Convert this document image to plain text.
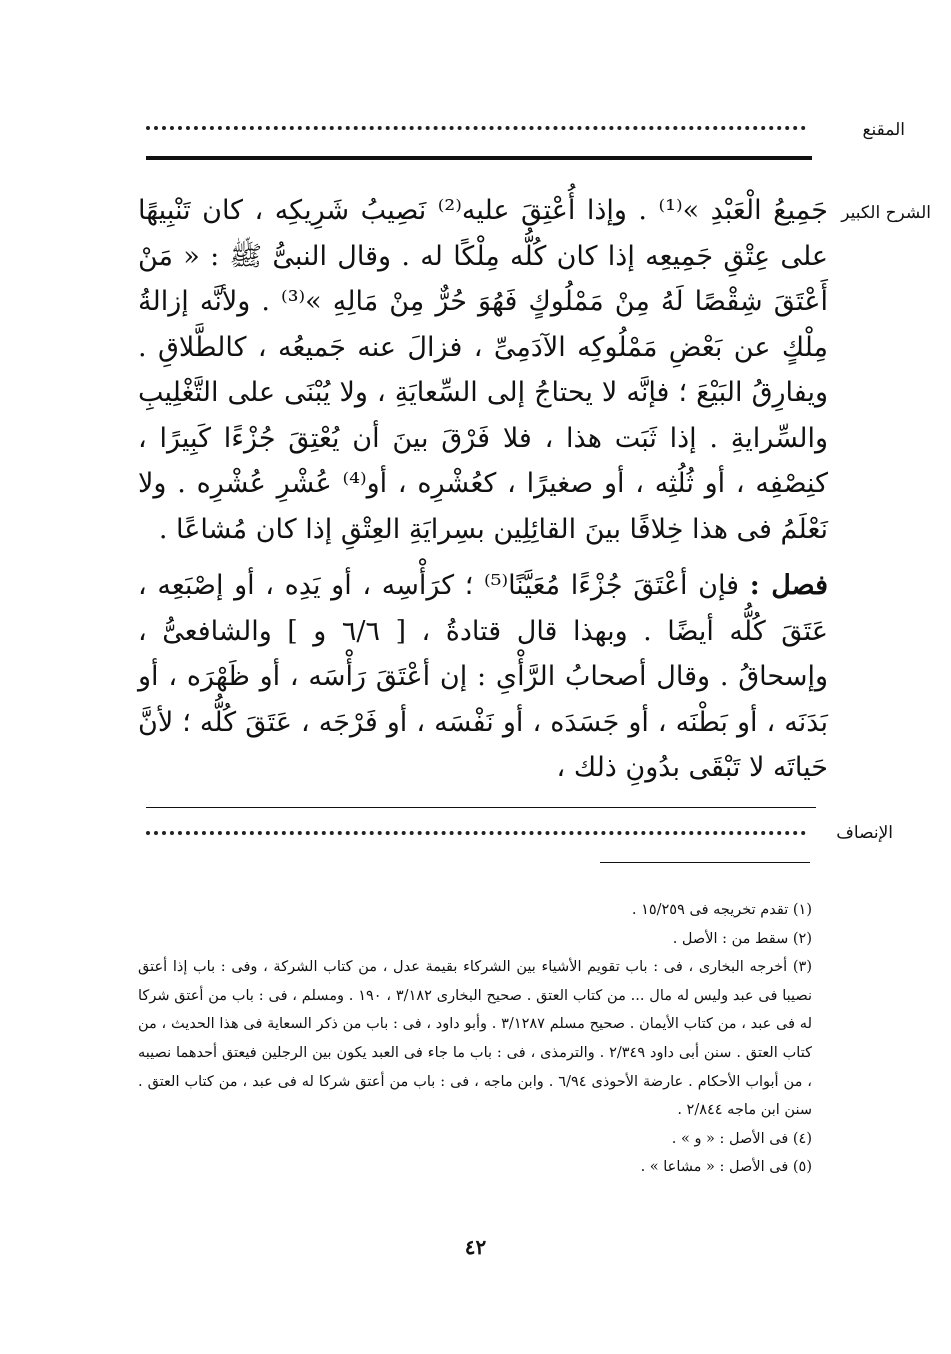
المقنع
الشرح الكبير

جَمِيعُ الْعَبْدِ »⁽¹⁾ . وإذا أُعْتِقَ عليه⁽²⁾ نَصِيبُ شَرِيكِه ، كان تَنْبِيهًا على عِتْقِ جَمِيعِه إذا كان كُلُّه مِلْكًا له . وقال النبىُّ ﷺ : « مَنْ أَعْتَقَ شِقْصًا لَهُ مِنْ مَمْلُوكٍ فَهُوَ حُرٌّ مِنْ مَالِهِ »⁽³⁾ . ولأنَّه إزالةُ مِلْكٍ عن بَعْضِ مَمْلُوكِه الآدَمِىِّ ، فزالَ عنه جَميعُه ، كالطَّلاقِ . ويفارِقُ البَيْعَ ؛ فإنَّه لا يحتاجُ إلى السِّعايَةِ ، ولا يُبْنَى على التَّغْلِيبِ والسِّرايةِ . إذا ثَبَت هذا ، فلا فَرْقَ بينَ أن يُعْتِقَ جُزْءًا كَبِيرًا ، كنِصْفِه ، أو ثُلُثِه ، أو صغيرًا ، كعُشْرِه ، أو⁽⁴⁾ عُشْرِ عُشْرِه . ولا نَعْلَمُ فى هذا خِلافًا بينَ القائِلِين بسِرايَةِ العِتْقِ إذا كان مُشاعًا .

فصل : فإن أعْتَقَ جُزْءًا مُعَيَّنًا⁽⁵⁾ ؛ كرَأْسِه ، أو يَدِه ، أو إصْبَعِه ، عَتَقَ كُلُّه أيضًا . وبهذا قال قتادةُ ، [ ٦/٦ و ] والشافعىُّ ، وإسحاقُ . وقال أصحابُ الرَّأْىِ : إن أعْتَقَ رَأْسَه ، أو ظَهْرَه ، أو بَدَنَه ، أو بَطْنَه ، أو جَسَدَه ، أو نَفْسَه ، أو فَرْجَه ، عَتَقَ كُلُّه ؛ لأنَّ حَياتَه لا تَبْقَى بدُونِ ذلك ،

الإنصاف

(١) تقدم تخريجه فى ١٥/٢٥٩ .

(٢) سقط من : الأصل .

(٣) أخرجه البخارى ، فى : باب تقويم الأشياء بين الشركاء بقيمة عدل ، من كتاب الشركة ، وفى : باب إذا أعتق نصيبا فى عبد وليس له مال ... من كتاب العتق . صحيح البخارى ٣/١٨٢ ، ١٩٠ . ومسلم ، فى : باب من أعتق شركا له فى عبد ، من كتاب الأيمان . صحيح مسلم ٣/١٢٨٧ . وأبو داود ، فى : باب من ذكر السعاية فى هذا الحديث ، من كتاب العتق . سنن أبى داود ٢/٣٤٩ . والترمذى ، فى : باب ما جاء فى العبد يكون بين الرجلين فيعتق أحدهما نصيبه ، من أبواب الأحكام . عارضة الأحوذى ٦/٩٤ . وابن ماجه ، فى : باب من أعتق شركا له فى عبد ، من كتاب العتق . سنن ابن ماجه ٢/٨٤٤ .

(٤) فى الأصل : « و » .

(٥) فى الأصل : « مشاعا » .

٤٢
